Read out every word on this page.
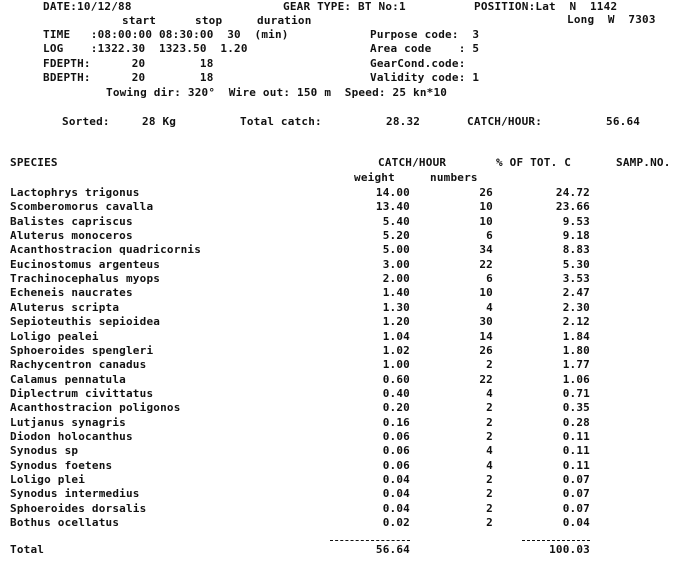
DATE:10/12/88	GEAR TYPE: BT No:1	POSITION:Lat  N  1142
Long  W  7303
start	stop	duration
TIME   :08:00:00 08:30:00  30  (min)
LOG    :1322.30  1323.50  1.20
FDEPTH:      20        18
BDEPTH:      20        18
Purpose code:  3
Area code    : 5
GearCond.code:
Validity code: 1
Towing dir: 320°  Wire out: 150 m  Speed: 25 kn*10
Sorted:	28 Kg	Total catch:	28.32	CATCH/HOUR:	56.64
SPECIES	CATCH/HOUR	% OF TOT. C	SAMP.NO.
weight	numbers
Lactophrys trigonus	14.00	26	24.72
Scomberomorus cavalla	13.40	10	23.66
Balistes capriscus	5.40	10	9.53
Aluterus monoceros	5.20	6	9.18
Acanthostracion quadricornis	5.00	34	8.83
Eucinostomus argenteus	3.00	22	5.30
Trachinocephalus myops	2.00	6	3.53
Echeneis naucrates	1.40	10	2.47
Aluterus scripta	1.30	4	2.30
Sepioteuthis sepioidea	1.20	30	2.12
Loligo pealei	1.04	14	1.84
Sphoeroides spengleri	1.02	26	1.80
Rachycentron canadus	1.00	2	1.77
Calamus pennatula	0.60	22	1.06
Diplectrum civittatus	0.40	4	0.71
Acanthostracion poligonos	0.20	2	0.35
Lutjanus synagris	0.16	2	0.28
Diodon holocanthus	0.06	2	0.11
Synodus sp	0.06	4	0.11
Synodus foetens	0.06	4	0.11
Loligo plei	0.04	2	0.07
Synodus intermedius	0.04	2	0.07
Sphoeroides dorsalis	0.04	2	0.07
Bothus ocellatus	0.02	2	0.04
Total	56.64	100.03
